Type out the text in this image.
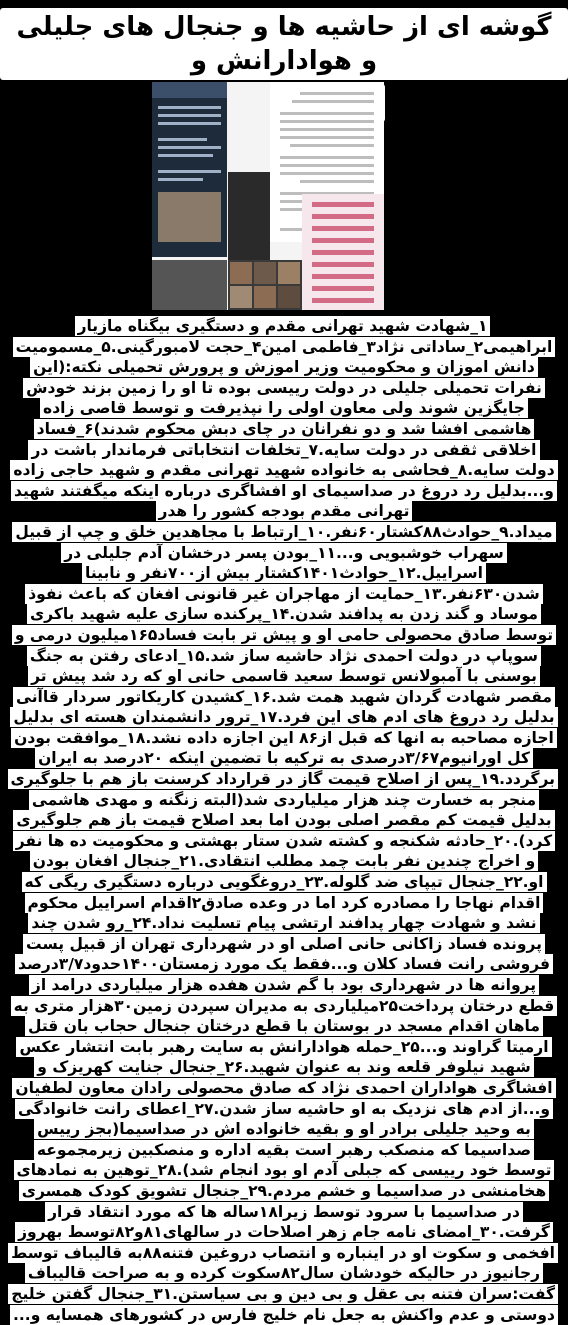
گوشه ای از حاشیه ها و جنجال های جلیلی و هوادارانش و

۱_شهادت شهید تهرانی مقدم و دستگیری بیگناه مازیار ابراهیمی۲_ساداتی نژاد۳_فاطمی امین۴_حجت لامبورگینی.۵_مسمومیت دانش اموزان و محکومیت وزیر اموزش و پرورش تحمیلی نکته:(این نفرات تحمیلی جلیلی در دولت رییسی بوده تا او را زمین بزند خودش جایگزین شوند ولی معاون اولی را نپذیرفت و توسط قاصی زاده هاشمی افشا شد و دو نفرانان در چای دبش محکوم شدند)۶_فساد اخلاقی ثقفی در دولت سایه.۷_تخلفات انتخاباتی فرماندار باشت در دولت سایه.۸_فحاشی به خانواده شهید تهرانی مقدم و شهید حاجی زاده و...بدلیل رد دروغ در صداسیمای او افشاگری درباره اینکه میگفتند شهید تهرانی مقدم بودجه کشور را هدر میداد.۹_حوادث۸۸کشتار۶۰نفر.۱۰_ارتباط با مجاهدین خلق و چپ از قبیل سهراب خوشبویی و...۱۱_بودن پسر درخشان آدم جلیلی در اسراییل.۱۲_حوادث۱۴۰۱کشتار بیش از۷۰۰نفر و نابینا شدن۶۳۰نفر.۱۳_حمایت از مهاجران غیر قانونی افغان که باعث نفوذ موساد و گند زدن به پدافند شدن.۱۴_پرکنده سازی علیه شهید باکری توسط صادق محصولی حامی او و پیش تر بابت فساد۱۶۵میلیون درمی و سوپاپ در دولت احمدی نژاد حاشیه ساز شد.۱۵_ادعای رفتن به جنگ بوسنی با آمبولانس توسط سعید قاسمی حانی او که رد شد پیش تر مقصر شهادت گردان شهید همت شد.۱۶_کشیدن کاریکاتور سردار قاآنی بدلیل رد دروغ های ادم های این فرد.۱۷_ترور دانشمندان هسته ای بدلیل اجازه مصاحبه به انها که قبل از۸۶ این اجازه داده نشد.۱۸_موافقت بودن کل اورانیوم۳/۶۷درصدی به ترکیه با تضمین اینکه ۲۰درصد به ایران برگردد.۱۹_پس از اصلاح قیمت گاز در قرارداد کرسنت باز هم با جلوگیری منجر به خسارت چند هزار میلیاردی شد(البته زنگنه و مهدی هاشمی بدلیل قیمت کم مقصر اصلی بودن اما بعد اصلاح قیمت باز هم جلوگیری کرد).۲۰_حادثه شکنجه و کشته شدن ستار بهشتی و محکومیت ده ها نفر و اخراج چندین نفر بابت چمد مطلب انتقادی.۲۱_جنجال افغان بودن او.۲۲_جنجال تیپای ضد گلوله.۲۳_دروغگویی درباره دستگیری ریگی که اقدام نهاجا را مصادره کرد اما در وعده صادق۲اقدام اسراییل محکوم نشد و شهادت چهار پدافند ارتشی پیام تسلیت نداد.۲۴_رو شدن چند پرونده فساد زاکانی حانی اصلی او در شهرداری تهران از قبیل پست فروشی رانت فساد کلان و...فقط یک مورد زمستان۱۴۰۰حدود۳/۷درصد پروانه ها در شهرداری بود با گم شدن هفده هزار میلیاردی درامد از قطع درختان پرداخت۲۵میلیاردی به مدیران سپردن زمین۳۰هزار متری به ماهان اقدام مسجد در بوستان با قطع درختان جنجال حجاب بان قتل ارمیتا گراوند و...۲۵_حمله هوادارانش به سایت رهبر بابت انتشار عکس شهید نیلوفر قلعه وند به عنوان شهید.۲۶_جنجال جنایت کهریزک و افشاگری هواداران احمدی نژاد که صادق محصولی رادان معاون لطفیان و...از ادم های نزدیک به او حاشیه ساز شدن.۲۷_اعطای رانت خانوادگی به وحید جلیلی برادر او و بقیه خانواده اش در صداسیما(بجز رییس صداسیما که منصکب رهبر است بقیه اداره و منصکبین زیرمجموعه توسط خود رییسی که جبلی آدم او بود انجام شد).۲۸_توهین به نمادهای هخامنشی در صداسیما و خشم مردم.۲۹_جنجال تشویق کودک همسری در صداسیما با سرود توسط زیرا۱۸ساله ها که مورد انتقاد قرار گرفت.۳۰_امضای نامه جام زهر اصلاحات در سالهای۸۱و۸۲توسط بهروز افخمی و سکوت او در اینباره و انتصاب دروغین فتنه۸۸به قالیباف توسط رجانیوز در حالیکه خودشان سال۸۲سکوت کرده و به صراحت قالیباف گفت:سران فتنه بی عقل و بی دین و بی سیاستن.۳۱_جنجال گفتن خلیج دوستی و عدم واکنش به جعل نام خلیج فارس در کشورهای همسایه و...
